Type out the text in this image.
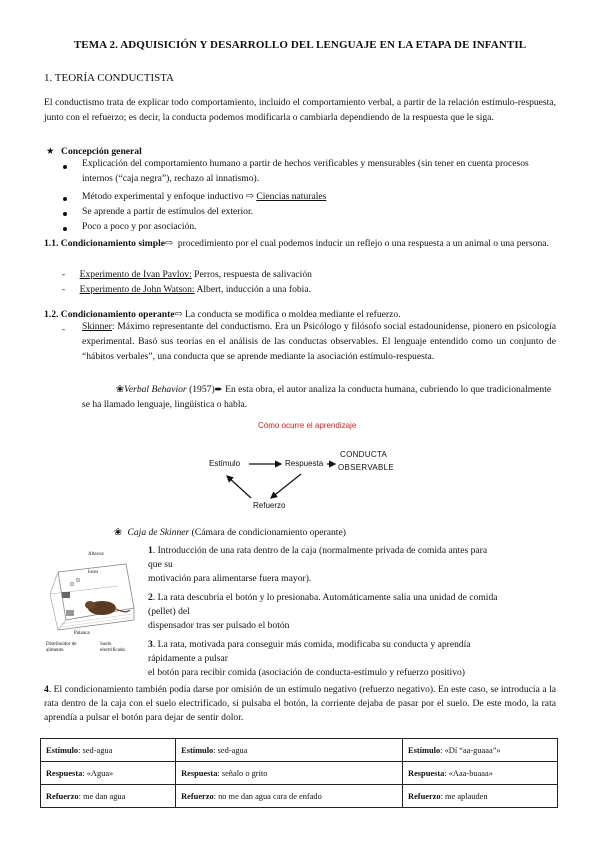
TEMA 2. ADQUISICIÓN Y DESARROLLO DEL LENGUAJE EN LA ETAPA DE INFANTIL
1. TEORÍA CONDUCTISTA
El conductismo trata de explicar todo comportamiento, incluido el comportamiento verbal, a partir de la relación estímulo-respuesta, junto con el refuerzo; es decir, la conducta podemos modificarla o cambiarla dependiendo de la respuesta que le siga.
★ Concepción general
Explicación del comportamiento humano a partir de hechos verificables y mensurables (sin tener en cuenta procesos internos (“caja negra”), rechazo al innatismo).
Método experimental y enfoque inductivo ⇨ Ciencias naturales
Se aprende a partir de estímulos del exterior.
Poco a poco y por asociación.
1.1. Condicionamiento simple⇨ procedimiento por el cual podemos inducir un reflejo o una respuesta a un animal o una persona.
- Experimento de Ivan Pavlov: Perros, respuesta de salivación
- Experimento de John Watson: Albert, inducción a una fobia.
1.2. Condicionamiento operante⇨ La conducta se modifica o moldea mediante el refuerzo.
- Skinner: Máximo representante del conductismo. Era un Psicólogo y filósofo social estadounidense, pionero en psicología experimental. Basó sus teorías en el análisis de las conductas observables. El lenguaje entendido como un conjunto de “hábitos verbales”, una conducta que se aprende mediante la asociación estímulo-respuesta.
❀Verbal Behavior (1957)➨ En esta obra, el autor analiza la conducta humana, cubriendo lo que tradicionalmente se ha llamado lenguaje, lingüística o habla.
Cómo ocurre el aprendizaje
Estímulo	Respuesta
CONDUCTA
OBSERVABLE
Refuerzo
❀ Caja de Skinner (Cámara de condicionamiento operante)
Altavoz
luces
Palanca
Distribuidor de alimento
Suelo electrificado
1. Introducción de una rata dentro de la caja (normalmente privada de comida antes para
que su
motivación para alimentarse fuera mayor).
2. La rata descubría el botón y lo presionaba. Automáticamente salía una unidad de comida
(pellet) del
dispensador tras ser pulsado el botón
3. La rata, motivada para conseguir más comida, modificaba su conducta y aprendía
rápidamente a pulsar
el botón para recibir comida (asociación de conducta-estímulo y refuerzo positivo)
4. El condicionamiento también podía darse por omisión de un estímulo negativo (refuerzo negativo). En este caso, se introducía a la rata dentro de la caja con el suelo electrificado, si pulsaba el botón, la corriente dejaba de pasar por el suelo. De este modo, la rata aprendía a pulsar el botón para dejar de sentir dolor.
Estímulo: sed-agua	Estímulo: sed-agua	Estímulo: «Dí “aa-guaaa”»
Respuesta: «Agua»	Respuesta: señalo o grito	Respuesta: «Aaa-buaaa»
Refuerzo: me dan agua	Refuerzo: no me dan agua cara de enfado	Refuerzo: me aplauden
